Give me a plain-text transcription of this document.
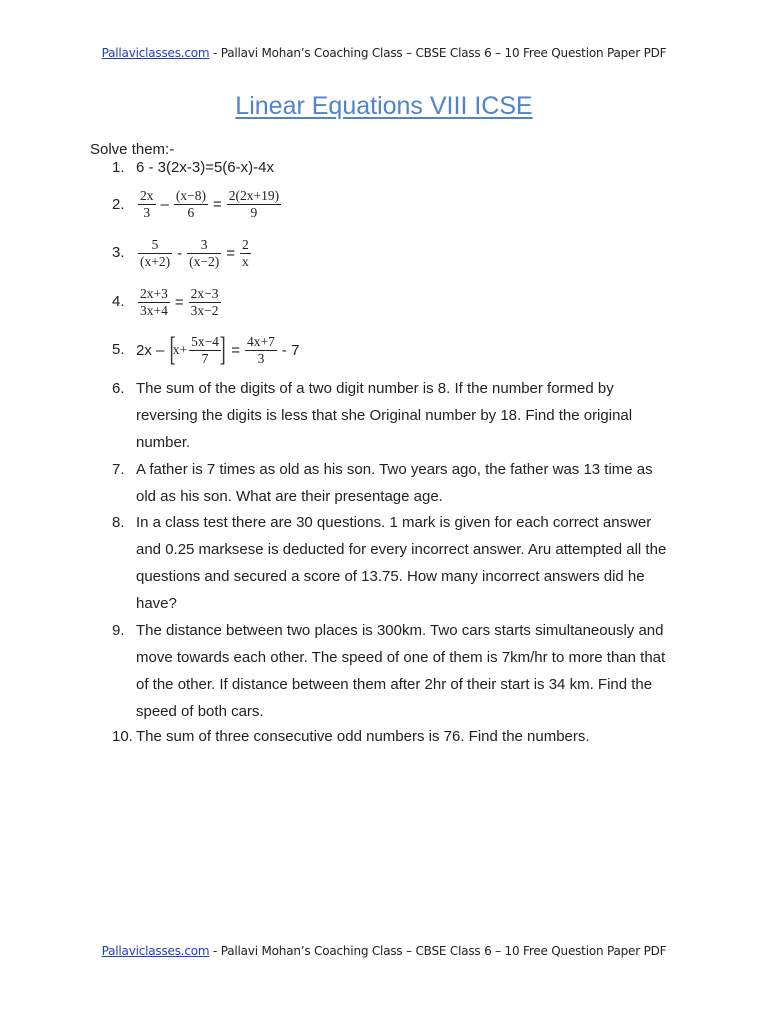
Pallaviclasses.com - Pallavi Mohan’s Coaching Class – CBSE Class 6 – 10 Free Question Paper PDF
Linear Equations VIII ICSE
Solve them:-
1. 6 - 3(2x-3)=5(6-x)-4x
2. $\frac{2x}{3} - \frac{(x-8)}{6} = \frac{2(2x+19)}{9}$
3. $\frac{5}{(x+2)} - \frac{3}{(x-2)} = \frac{2}{x}$
4. $\frac{2x+3}{3x+4} = \frac{2x-3}{3x-2}$
5. 2x – [
$x+ \frac{5x-4}{7}$
] = $\frac{4x+7}{3} - 7$
6. The sum of the digits of a two digit number is 8. If the number formed by reversing the digits is less that she Original number by 18. Find the original number.
7. A father is 7 times as old as his son. Two years ago, the father was 13 time as old as his son. What are their presentage age.
8. In a class test there are 30 questions. 1 mark is given for each correct answer and 0.25 marksese is deducted for every incorrect answer. Aru attempted all the questions and secured a score of 13.75. How many incorrect answers did he have?
9. The distance between two places is 300km. Two cars starts simultaneously and move towards each other. The speed of one of them is 7km/hr to more than that of the other. If distance between them after 2hr of their start is 34 km. Find the speed of both cars.
10. The sum of three consecutive odd numbers is 76. Find the numbers.
Pallaviclasses.com - Pallavi Mohan’s Coaching Class – CBSE Class 6 – 10 Free Question Paper PDF
